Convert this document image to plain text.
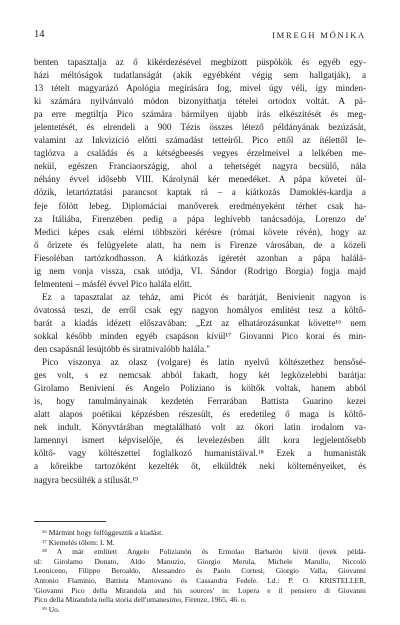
14	IMREGH MÓNIKA

benten tapasztalja az ő kikérdezésével megbízott püspökök és egyéb egy-

házi méltóságok tudatlanságát (akik egyébként végig sem hallgatják), a

13 tételt magyarázó Apológia megírására fog, mivel úgy véli, így minden-

ki számára nyilvánvaló módon bizonyíthatja tételei ortodox voltát. A pá-

pa erre megtiltja Pico számára bármilyen újabb írás elkészítését és meg-

jelentetését, és elrendeli a 900 Tézis összes létező példányának bezúzását,

valamint az Inkvizíció előtti számadást tetteiről. Pico ettől az ítélettől le-

taglózva a családás és a kétségbeesés vegyes érzelmeivel a lelkében me-

nekül, egészen Franciaországig, ahol a tehetségét nagyra becsülő, nála

néhány évvel idősebb VIII. Károlynál kér menedéket. A pápa követei ül-

dözik, letartóztatási parancsot kaptak rá – a kiátkozás Damoklés-kardja a

feje fölött lebeg. Diplomáciai manőverek eredményeként térhet csak ha-

za Itáliába, Firenzében pedig a pápa leghívebb tanácsadója, Lorenzo de'

Medici képes csak elérni többszöri kérésre (római követe révén), hogy az

ő őrizete és felügyelete alatt, ha nem is Firenze városában, de a közeli

Fiesoléban tartózkodhasson. A kiátkozás ígéretét azonban a pápa halálá-

ig nem vonja vissza, csak utódja, VI. Sándor (Rodrigo Borgia) fogja majd

felmenteni – másfél évvel Pico halála előtt.

Ez a tapasztalat az teház, ami Picót és barátját, Benivienit nagyon is

óvatossá teszi, de erről csak egy nagyon homályos említést tesz a költő-

barát a kiadás idézett előszavában: „Ezt az elhatározásunkat követte¹⁶ nem

sokkal később minden egyéb csapáson kívül¹⁷ Giovanni Pico korai és min-

den csapásnál lesújtóbb és siratnivalóbb halála."

Pico viszonya az olasz (volgare) és latin nyelvű költészethez bensősé-

ges volt, s ez nemcsak abból fakadt, hogy két legközelebbi barátja:

Girolamo Benivieni és Angelo Poliziano is költők voltak, hanem abból

is, hogy tanulmányainak kezdetén Ferrarában Battista Guarino kezei

alatt alapos poétikai képzésben részesült, és eredetileg ő maga is költő-

nek indult. Könyvtárában megtalálható volt az ókori latin irodalom va-

lamennyi ismert képviselője, és levelezésben állt kora legjelentősebb

költő- vagy költészettel foglalkozó humanistáival.¹⁸ Ezek a humanisták

a kőreikbe tartozóként kezelték őt, elküldték neki költeményeiket, és

nagyra becsülték a stílusát.¹⁹

¹⁶ Mármint hogy felfüggesztik a kiadást.

¹⁷ Kiemelés tőlem: I. M.

¹⁸ A már említett Angelo Polizianón és Ermolao Barbarón kívül íjevek példá-

ul: Girolamo Donato, Aldo Manuzio, Giorgio Merula, Michele Marullo, Niccolò

Leoniceno, Filippo Beroaldo, Alessandro és Paolo Cortesi, Giorgio Valla, Giovanni

Antonio Flaminio, Battista Mantovano és Cassandra Fedele. Ld.: P. O. KRISTELLER,

'Giovanni Pico della Mirandola and his sources' in: Lopera e il pensiero di Giovanni

Pico della Mirandola nella storia dell'umanesimo, Firenze, 1965, 46. o.

¹⁹ Uo.
